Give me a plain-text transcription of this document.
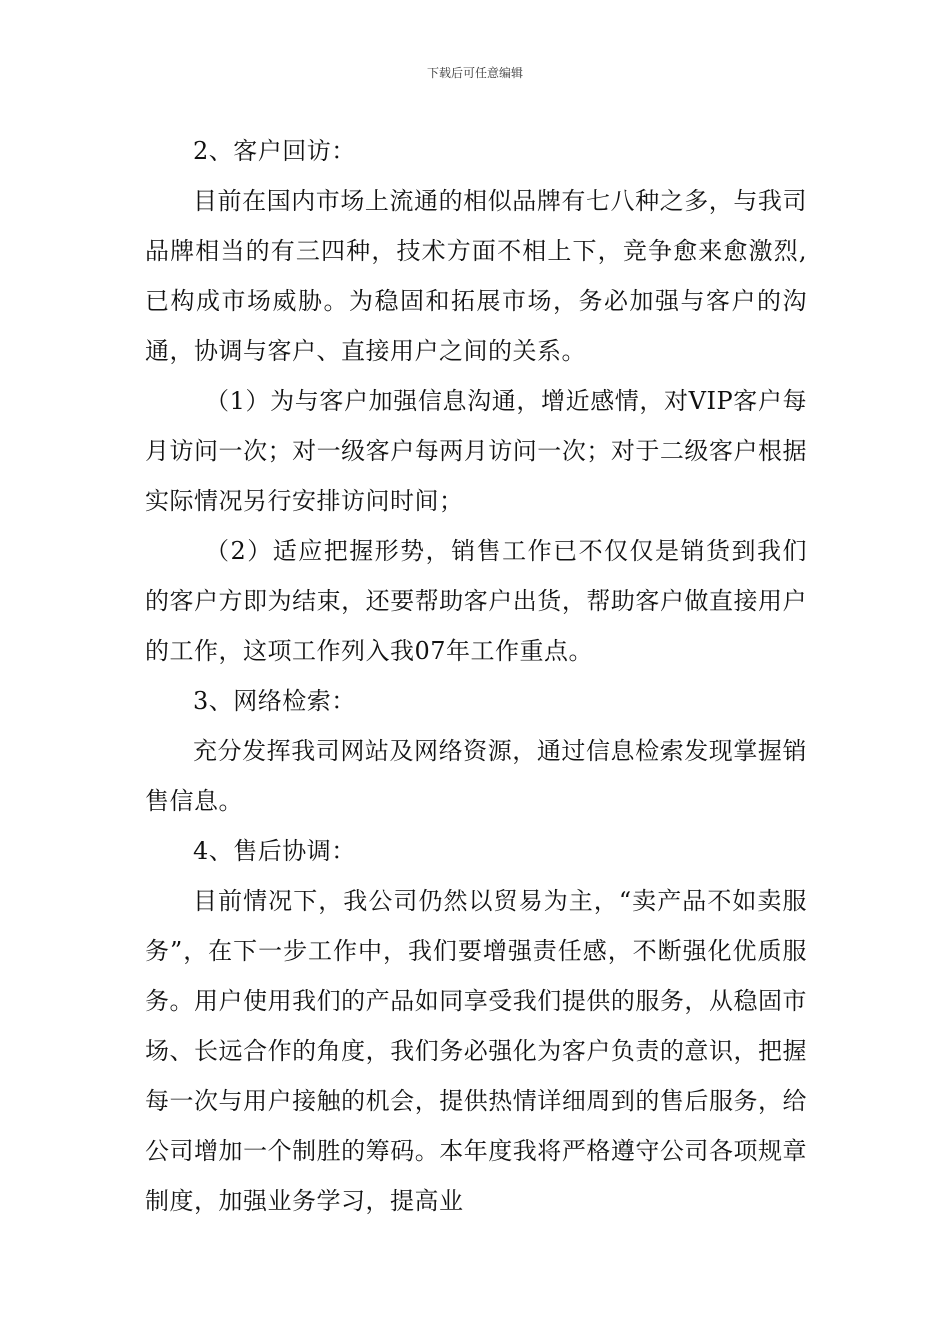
下载后可任意编辑

2、客户回访：

目前在国内市场上流通的相似品牌有七八种之多，与我司品牌相当的有三四种，技术方面不相上下，竞争愈来愈激烈,已构成市场威胁。为稳固和拓展市场，务必加强与客户的沟通，协调与客户、直接用户之间的关系。

（1）为与客户加强信息沟通，增近感情，对VIP客户每月访问一次；对一级客户每两月访问一次；对于二级客户根据实际情况另行安排访问时间；

（2）适应把握形势，销售工作已不仅仅是销货到我们的客户方即为结束，还要帮助客户出货，帮助客户做直接用户的工作，这项工作列入我07年工作重点。

3、网络检索：

充分发挥我司网站及网络资源，通过信息检索发现掌握销售信息。

4、售后协调：

目前情况下，我公司仍然以贸易为主，“卖产品不如卖服务”，在下一步工作中，我们要增强责任感，不断强化优质服务。用户使用我们的产品如同享受我们提供的服务，从稳固市场、长远合作的角度，我们务必强化为客户负责的意识，把握每一次与用户接触的机会，提供热情详细周到的售后服务，给公司增加一个制胜的筹码。本年度我将严格遵守公司各项规章制度，加强业务学习，提高业
